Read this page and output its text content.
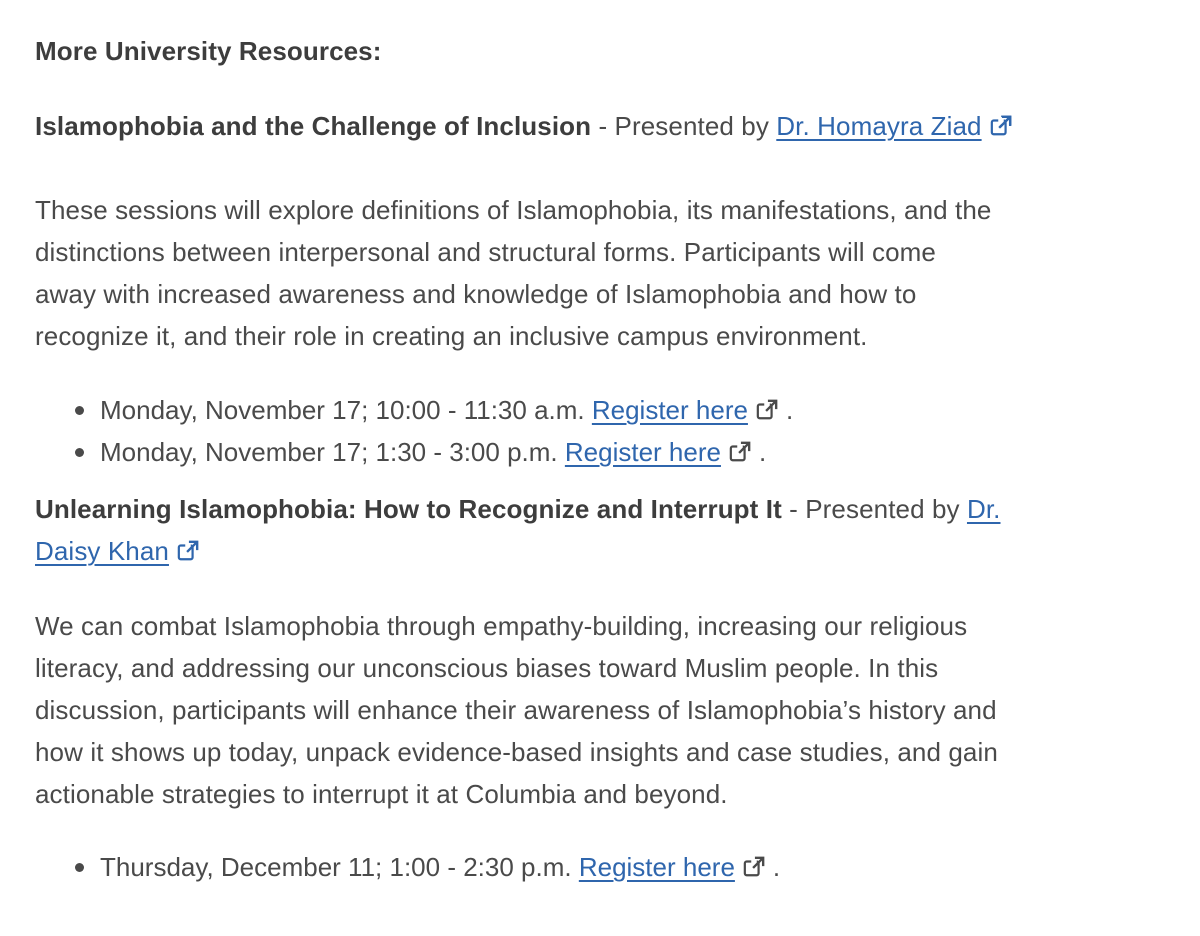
More University Resources:
Islamophobia and the Challenge of Inclusion - Presented by Dr. Homayra Ziad
These sessions will explore definitions of Islamophobia, its manifestations, and the
distinctions between interpersonal and structural forms. Participants will come
away with increased awareness and knowledge of Islamophobia and how to
recognize it, and their role in creating an inclusive campus environment.
Monday, November 17; 10:00 - 11:30 a.m. Register here .
Monday, November 17; 1:30 - 3:00 p.m. Register here .
Unlearning Islamophobia: How to Recognize and Interrupt It - Presented by Dr.
Daisy Khan
We can combat Islamophobia through empathy-building, increasing our religious
literacy, and addressing our unconscious biases toward Muslim people. In this
discussion, participants will enhance their awareness of Islamophobia’s history and
how it shows up today, unpack evidence-based insights and case studies, and gain
actionable strategies to interrupt it at Columbia and beyond.
Thursday, December 11; 1:00 - 2:30 p.m. Register here .
